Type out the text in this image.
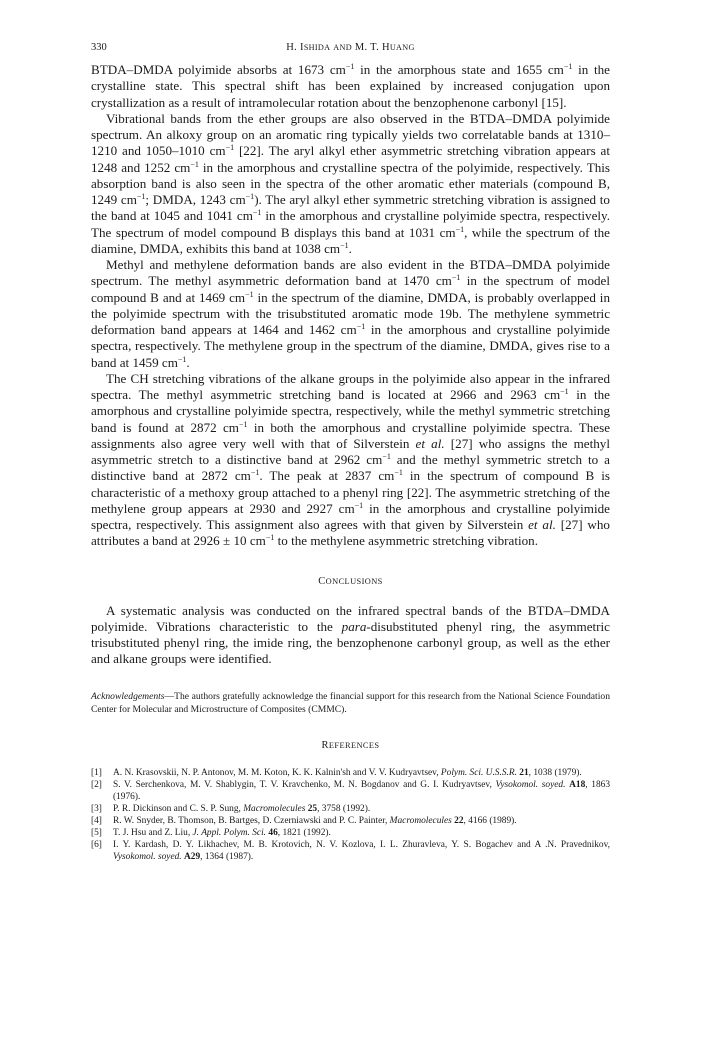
330	H. ISHIDA AND M. T. HUANG

BTDA–DMDA polyimide absorbs at 1673 $cm^{-1}$ in the amorphous state and 1655 $cm^{-1}$ in the crystalline state. This spectral shift has been explained by increased conjugation upon crystallization as a result of intramolecular rotation about the benzophenone carbonyl [15].

Vibrational bands from the ether groups are also observed in the BTDA–DMDA polyimide spectrum. An alkoxy group on an aromatic ring typically yields two correlatable bands at 1310–1210 and 1050–1010 $cm^{-1}$ [22]. The aryl alkyl ether asymmetric stretching vibration appears at 1248 and 1252 $cm^{-1}$ in the amorphous and crystalline spectra of the polyimide, respectively. This absorption band is also seen in the spectra of the other aromatic ether materials (compound B, 1249 $cm^{-1}$; DMDA, 1243 $cm^{-1}$). The aryl alkyl ether symmetric stretching vibration is assigned to the band at 1045 and 1041 $cm^{-1}$ in the amorphous and crystalline polyimide spectra, respectively. The spectrum of model compound B displays this band at 1031 $cm^{-1}$, while the spectrum of the diamine, DMDA, exhibits this band at 1038 $cm^{-1}$.

Methyl and methylene deformation bands are also evident in the BTDA–DMDA polyimide spectrum. The methyl asymmetric deformation band at 1470 $cm^{-1}$ in the spectrum of model compound B and at 1469 $cm^{-1}$ in the spectrum of the diamine, DMDA, is probably overlapped in the polyimide spectrum with the trisubstituted aromatic mode 19b. The methylene symmetric deformation band appears at 1464 and 1462 $cm^{-1}$ in the amorphous and crystalline polyimide spectra, respectively. The methylene group in the spectrum of the diamine, DMDA, gives rise to a band at 1459 $cm^{-1}$.

The CH stretching vibrations of the alkane groups in the polyimide also appear in the infrared spectra. The methyl asymmetric stretching band is located at 2966 and 2963 $cm^{-1}$ in the amorphous and crystalline polyimide spectra, respectively, while the methyl symmetric stretching band is found at 2872 $cm^{-1}$ in both the amorphous and crystalline polyimide spectra. These assignments also agree very well with that of Silverstein et al. [27] who assigns the methyl asymmetric stretch to a distinctive band at 2962 $cm^{-1}$ and the methyl symmetric stretch to a distinctive band at 2872 $cm^{-1}$. The peak at 2837 $cm^{-1}$ in the spectrum of compound B is characteristic of a methoxy group attached to a phenyl ring [22]. The asymmetric stretching of the methylene group appears at 2930 and 2927 $cm^{-1}$ in the amorphous and crystalline polyimide spectra, respectively. This assignment also agrees with that given by Silverstein et al. [27] who attributes a band at 2926 ± 10 $cm^{-1}$ to the methylene asymmetric stretching vibration.

CONCLUSIONS

A systematic analysis was conducted on the infrared spectral bands of the BTDA–DMDA polyimide. Vibrations characteristic to the para-disubstituted phenyl ring, the asymmetric trisubstituted phenyl ring, the imide ring, the benzophenone carbonyl group, as well as the ether and alkane groups were identified.

Acknowledgements—The authors gratefully acknowledge the financial support for this research from the National Science Foundation Center for Molecular and Microstructure of Composites (CMMC).
REFERENCES
[1] A. N. Krasovskii, N. P. Antonov, M. M. Koton, K. K. Kalnin'sh and V. V. Kudryavtsev, Polym. Sci. U.S.S.R. 21, 1038 (1979).
[2] S. V. Serchenkova, M. V. Shablygin, T. V. Kravchenko, M. N. Bogdanov and G. I. Kudryavtsev, Vysokomol. soyed. A18, 1863 (1976).
[3] P. R. Dickinson and C. S. P. Sung, Macromolecules 25, 3758 (1992).
[4] R. W. Snyder, B. Thomson, B. Bartges, D. Czerniawski and P. C. Painter, Macromolecules 22, 4166 (1989).
[5] T. J. Hsu and Z. Liu, J. Appl. Polym. Sci. 46, 1821 (1992).
[6] I. Y. Kardash, D. Y. Likhachev, M. B. Krotovich, N. V. Kozlova, I. L. Zhuravleva, Y. S. Bogachev and A .N. Pravednikov, Vysokomol. soyed. A29, 1364 (1987).
